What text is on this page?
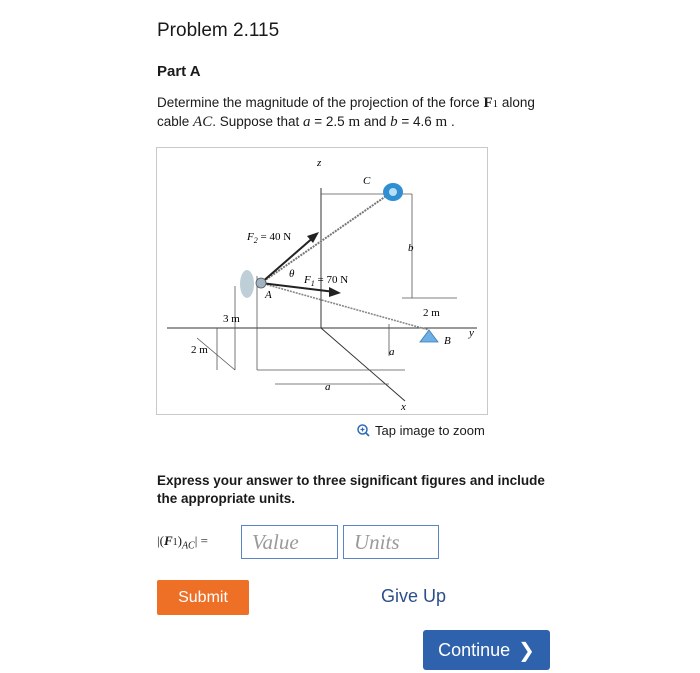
Problem 2.115
Part A
Determine the magnitude of the projection of the force F1 along cable AC. Suppose that a = 2.5 m and b = 4.6 m .
z
C
$F_2 = 40$ N
θ $F_1 = 70$ N
A
b
2 m
3 m
B
y
2 m	a
a
x
Tap image to zoom
Express your answer to three significant figures and include the appropriate units.
$|(F1)_{AC}|$ =	Value	Units
Submit	Give Up
Continue ❯
